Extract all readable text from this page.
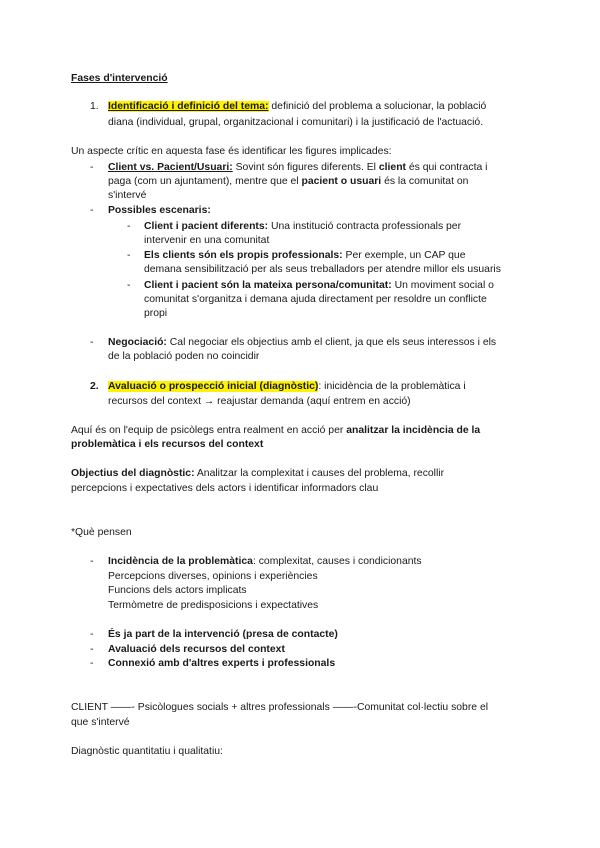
Fases d'intervenció
1. Identificació i definició del tema: definició del problema a solucionar, la població
diana (individual, grupal, organitzacional i comunitari) i la justificació de l'actuació.
Un aspecte crític en aquesta fase és identificar les figures implicades:
- Client vs. Pacient/Usuari: Sovint són figures diferents. El client és qui contracta i
paga (com un ajuntament), mentre que el pacient o usuari és la comunitat on
s'intervé
- Possibles escenaris:
- Client i pacient diferents: Una institució contracta professionals per
intervenir en una comunitat
- Els clients són els propis professionals: Per exemple, un CAP que
demana sensibilització per als seus treballadors per atendre millor els usuaris
- Client i pacient són la mateixa persona/comunitat: Un moviment social o
comunitat s'organitza i demana ajuda directament per resoldre un conflicte
propi
- Negociació: Cal negociar els objectius amb el client, ja que els seus interessos i els
de la població poden no coincidir
2. Avaluació o prospecció inicial (diagnòstic): inicidència de la problemàtica i
recursos del context → reajustar demanda (aquí entrem en acció)
Aquí és on l'equip de psicòlegs entra realment en acció per analitzar la incidència de la
problemàtica i els recursos del context
Objectius del diagnòstic: Analitzar la complexitat i causes del problema, recollir
percepcions i expectatives dels actors i identificar informadors clau
*Què pensen
- Incidència de la problemàtica: complexitat, causes i condicionants
Percepcions diverses, opinions i experiències
Funcions dels actors implicats
Termòmetre de predisposicions i expectatives
- És ja part de la intervenció (presa de contacte)
- Avaluació dels recursos del context
- Connexió amb d'altres experts i professionals
CLIENT ——- Psicòlogues socials + altres professionals ——-Comunitat col·lectiu sobre el
que s'intervé
Diagnòstic quantitatiu i qualitatiu:
